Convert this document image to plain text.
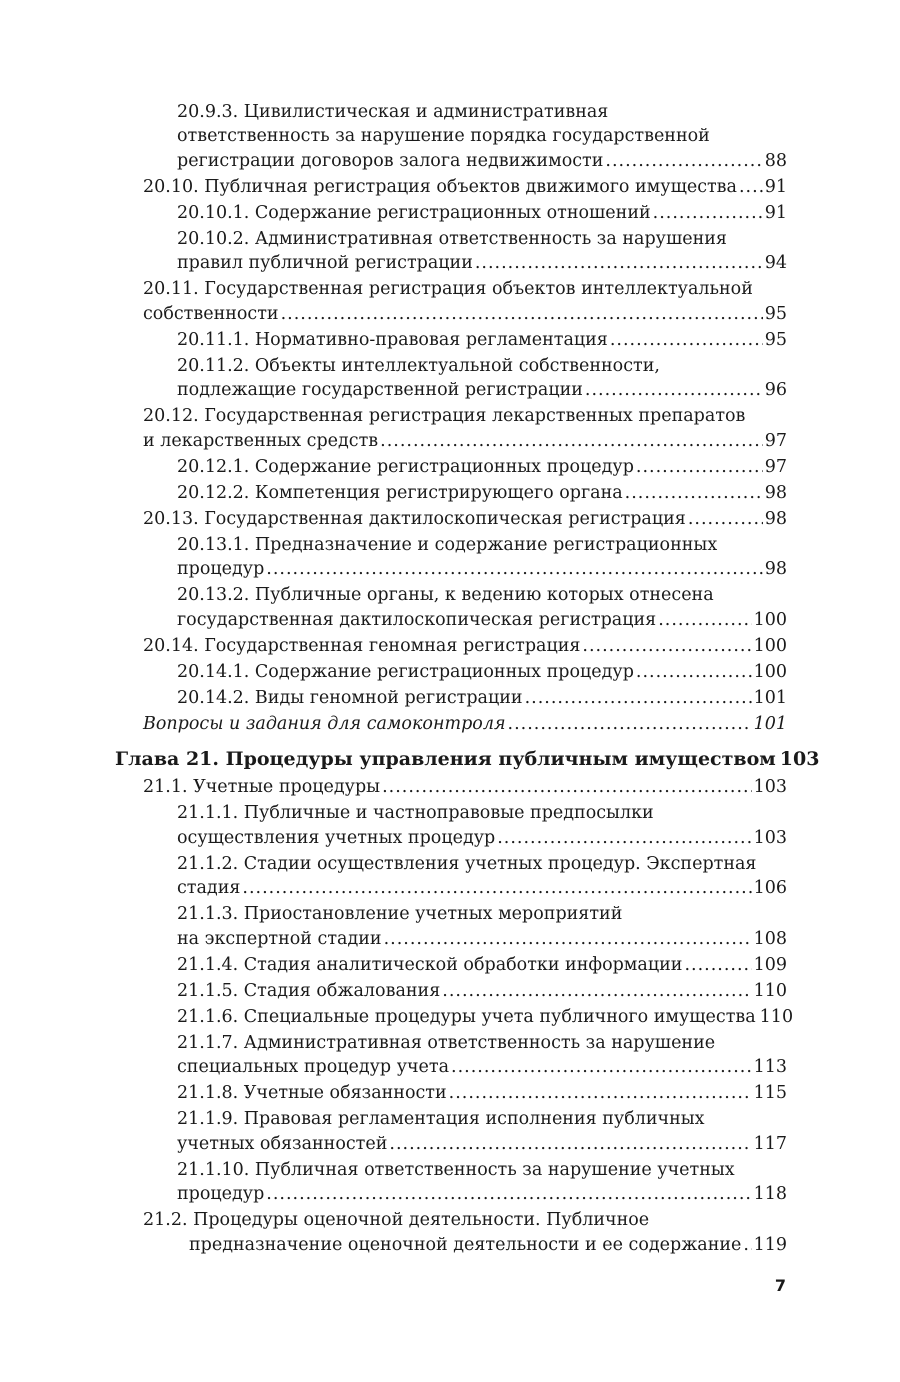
20.9.3. Цивилистическая и административная
ответственность за нарушение порядка государственной
регистрации договоров залога недвижимости .....	88
20.10. Публичная регистрация объектов движимого имущества ..... 91
20.10.1. Содержание регистрационных отношений .....	91
20.10.2. Административная ответственность за нарушения
правил публичной регистрации .....	94
20.11. Государственная регистрация объектов интеллектуальной
собственности .....	95
20.11.1. Нормативно-правовая регламентация .....	95
20.11.2. Объекты интеллектуальной собственности,
подлежащие государственной регистрации .....	96
20.12. Государственная регистрация лекарственных препаратов
и лекарственных средств .....	97
20.12.1. Содержание регистрационных процедур .....	97
20.12.2. Компетенция регистрирующего органа .....	98
20.13. Государственная дактилоскопическая регистрация .....	98
20.13.1. Предназначение и содержание регистрационных
процедур .....	98
20.13.2. Публичные органы, к ведению которых отнесена
государственная дактилоскопическая регистрация .....	100
20.14. Государственная геномная регистрация .....	100
20.14.1. Содержание регистрационных процедур .....	100
20.14.2. Виды геномной регистрации .....	101
Вопросы и задания для самоконтроля .....	101
Глава 21. Процедуры управления публичным имуществом 103
21.1. Учетные процедуры .....	103
21.1.1. Публичные и частноправовые предпосылки
осуществления учетных процедур .....	103
21.1.2. Стадии осуществления учетных процедур. Экспертная
стадия .....	106
21.1.3. Приостановление учетных мероприятий
на экспертной стадии .....	108
21.1.4. Стадия аналитической обработки информации .....	109
21.1.5. Стадия обжалования .....	110
21.1.6. Специальные процедуры учета публичного имущества 110
21.1.7. Административная ответственность за нарушение
специальных процедур учета .....	113
21.1.8. Учетные обязанности .....	115
21.1.9. Правовая регламентация исполнения публичных
учетных обязанностей .....	117
21.1.10. Публичная ответственность за нарушение учетных
процедур .....	118
21.2. Процедуры оценочной деятельности. Публичное
предназначение оценочной деятельности и ее содержание ..... 119
7
